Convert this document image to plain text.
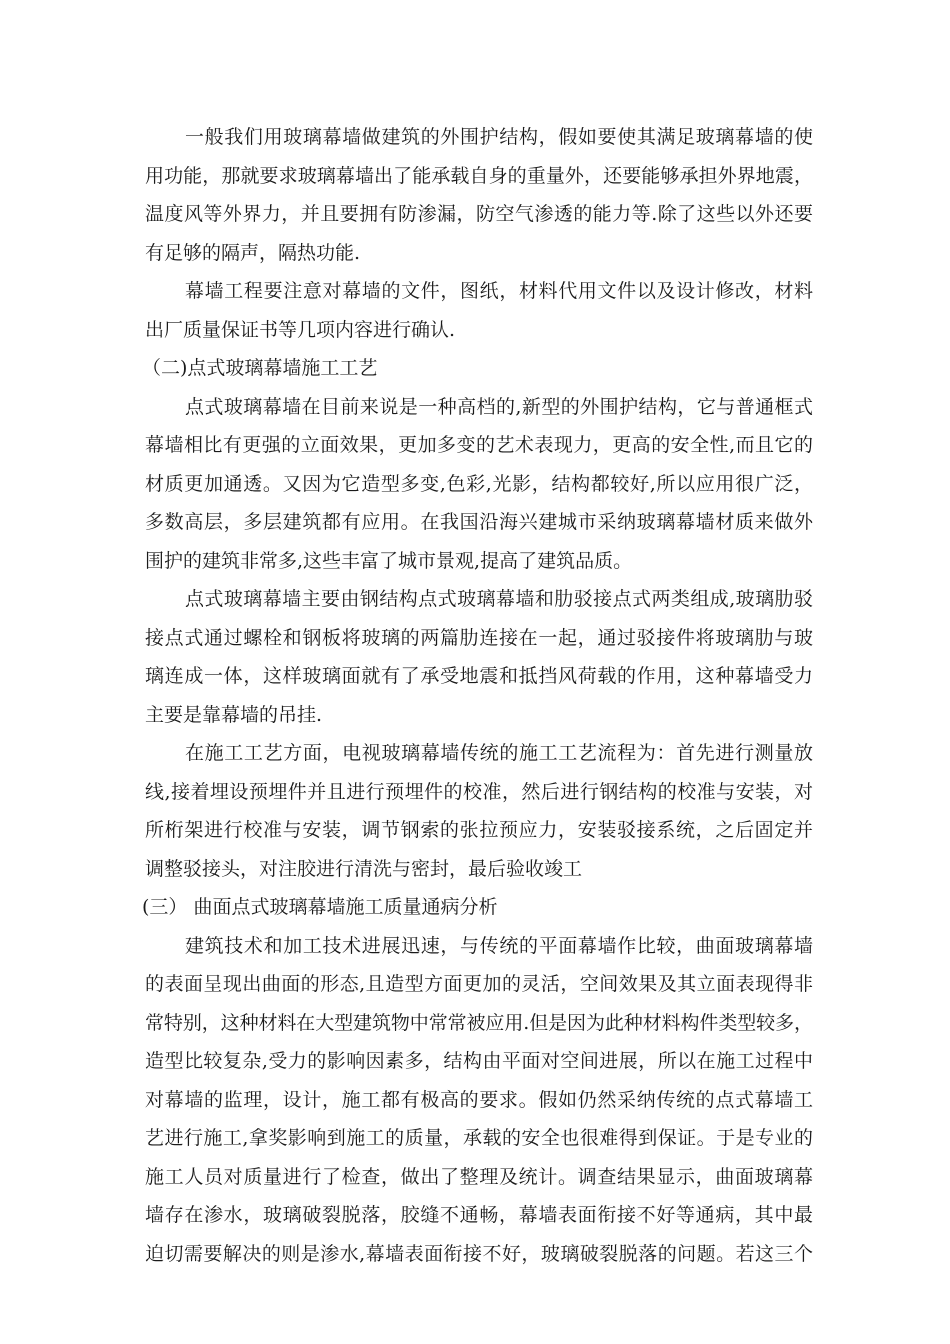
一般我们用玻璃幕墙做建筑的外围护结构，假如要使其满足玻璃幕墙的使
用功能，那就要求玻璃幕墙出了能承载自身的重量外，还要能够承担外界地震，
温度风等外界力，并且要拥有防渗漏，防空气渗透的能力等.除了这些以外还要
有足够的隔声，隔热功能.
幕墙工程要注意对幕墙的文件，图纸，材料代用文件以及设计修改，材料
出厂质量保证书等几项内容进行确认.
（二)点式玻璃幕墙施工工艺
点式玻璃幕墙在目前来说是一种高档的,新型的外围护结构，它与普通框式
幕墙相比有更强的立面效果，更加多变的艺术表现力，更高的安全性,而且它的
材质更加通透。又因为它造型多变,色彩,光影，结构都较好,所以应用很广泛，
多数高层，多层建筑都有应用。在我国沿海兴建城市采纳玻璃幕墙材质来做外
围护的建筑非常多,这些丰富了城市景观,提高了建筑品质。
点式玻璃幕墙主要由钢结构点式玻璃幕墙和肋驳接点式两类组成,玻璃肋驳
接点式通过螺栓和钢板将玻璃的两篇肋连接在一起，通过驳接件将玻璃肋与玻
璃连成一体，这样玻璃面就有了承受地震和抵挡风荷载的作用，这种幕墙受力
主要是靠幕墙的吊挂.
在施工工艺方面，电视玻璃幕墙传统的施工工艺流程为：首先进行测量放
线,接着埋设预埋件并且进行预埋件的校准，然后进行钢结构的校准与安装，对
所桁架进行校准与安装，调节钢索的张拉预应力，安装驳接系统，之后固定并
调整驳接头，对注胶进行清洗与密封，最后验收竣工
(三） 曲面点式玻璃幕墙施工质量通病分析
建筑技术和加工技术进展迅速，与传统的平面幕墙作比较，曲面玻璃幕墙
的表面呈现出曲面的形态,且造型方面更加的灵活，空间效果及其立面表现得非
常特别，这种材料在大型建筑物中常常被应用.但是因为此种材料构件类型较多，
造型比较复杂,受力的影响因素多，结构由平面对空间进展，所以在施工过程中
对幕墙的监理，设计，施工都有极高的要求。假如仍然采纳传统的点式幕墙工
艺进行施工,拿奖影响到施工的质量，承载的安全也很难得到保证。于是专业的
施工人员对质量进行了检查，做出了整理及统计。调查结果显示，曲面玻璃幕
墙存在渗水，玻璃破裂脱落，胶缝不通畅，幕墙表面衔接不好等通病，其中最
迫切需要解决的则是渗水,幕墙表面衔接不好，玻璃破裂脱落的问题。若这三个
